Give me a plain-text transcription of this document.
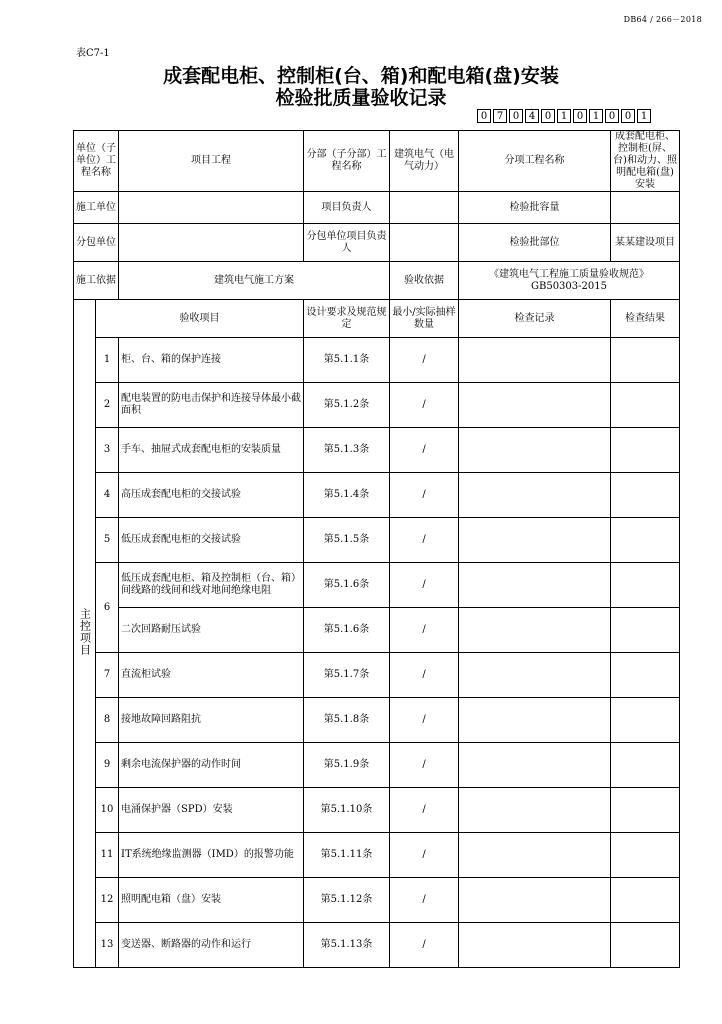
DB64 / 266－2018
表C7-1
成套配电柜、控制柜(台、箱)和配电箱(盘)安装
检验批质量验收记录
0 7 0 4 0 1 0 1 0 0 1
单位（子单位）工程名称		项目工程	分部（子分部）工程名称	建筑电气（电气动力）	分项工程名称	成套配电柜、控制柜(屏、台)和动力、照明配电箱(盘)安装
施工单位			项目负责人		检验批容量	
分包单位			分包单位项目负责人		检验批部位	某某建设项目
施工依据		建筑电气施工方案		验收依据	《建筑电气工程施工质量验收规范》
GB50303-2015	

主控项目	验收项目		设计要求及规范规定	最小/实际抽样数量	检查记录	检查结果
	1	柜、台、箱的保护连接	第5.1.1条	/		
	2	配电装置的防电击保护和连接导体最小截面积	第5.1.2条	/		
	3	手车、抽屉式成套配电柜的安装质量	第5.1.3条	/		
	4	高压成套配电柜的交接试验	第5.1.4条	/		
	5	低压成套配电柜的交接试验	第5.1.5条	/		
	6	低压成套配电柜、箱及控制柜（台、箱）间线路的线间和线对地间绝缘电阻	第5.1.6条	/		
		二次回路耐压试验	第5.1.6条	/		
	7	直流柜试验	第5.1.7条	/		
	8	接地故障回路阻抗	第5.1.8条	/		
	9	剩余电流保护器的动作时间	第5.1.9条	/		
	10	电涌保护器（SPD）安装	第5.1.10条	/		
	11	IT系统绝缘监测器（IMD）的报警功能	第5.1.11条	/		
	12	照明配电箱（盘）安装	第5.1.12条	/		
	13	变送器、断路器的动作和运行	第5.1.13条	/		
